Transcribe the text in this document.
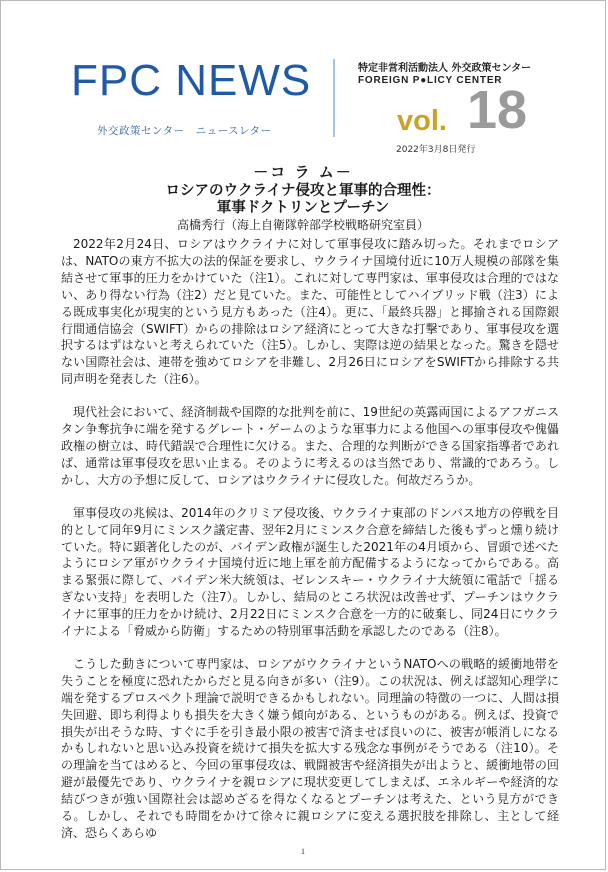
FPC NEWS
外交政策センター　ニュースレター
特定非営利活動法人 外交政策センター
FOREIGN P●LICY CENTER
vol. 18
2022年3月8日発行
－コ ラ ム－
ロシアのウクライナ侵攻と軍事的合理性：
軍事ドクトリンとプーチン
高橋秀行（海上自衛隊幹部学校戦略研究室員）

2022年2月24日、ロシアはウクライナに対して軍事侵攻に踏み切った。それまでロシアは、NATOの東方不拡大の法的保証を要求し、ウクライナ国境付近に10万人規模の部隊を集結させて軍事的圧力をかけていた（注1）。これに対して専門家は、軍事侵攻は合理的ではない、あり得ない行為（注2）だと見ていた。また、可能性としてハイブリッド戦（注3）による既成事実化が現実的という見方もあった（注4）。更に、「最終兵器」と揶揄される国際銀行間通信協会（SWIFT）からの排除はロシア経済にとって大きな打撃であり、軍事侵攻を選択するはずはないと考えられていた（注5）。しかし、実際は逆の結果となった。驚きを隠せない国際社会は、連帯を強めてロシアを非難し、2月26日にロシアをSWIFTから排除する共同声明を発表した（注6）。

現代社会において、経済制裁や国際的な批判を前に、19世紀の英露両国によるアフガニスタン争奪抗争に端を発するグレート・ゲームのような軍事力による他国への軍事侵攻や傀儡政権の樹立は、時代錯誤で合理性に欠ける。また、合理的な判断ができる国家指導者であれば、通常は軍事侵攻を思い止まる。そのように考えるのは当然であり、常識的であろう。しかし、大方の予想に反して、ロシアはウクライナに侵攻した。何故だろうか。

軍事侵攻の兆候は、2014年のクリミア侵攻後、ウクライナ東部のドンバス地方の停戦を目的として同年9月にミンスク議定書、翌年2月にミンスク合意を締結した後もずっと燻り続けていた。特に顕著化したのが、バイデン政権が誕生した2021年の4月頃から、冒頭で述べたようにロシア軍がウクライナ国境付近に地上軍を前方配備するようになってからである。高まる緊張に際して、バイデン米大統領は、ゼレンスキー・ウクライナ大統領に電話で「揺るぎない支持」を表明した（注7）。しかし、結局のところ状況は改善せず、プーチンはウクライナに軍事的圧力をかけ続け、2月22日にミンスク合意を一方的に破棄し、同24日にウクライナによる「脅威から防衛」するための特別軍事活動を承認したのである（注8）。

こうした動きについて専門家は、ロシアがウクライナというNATOへの戦略的緩衝地帯を失うことを極度に恐れたからだと見る向きが多い（注9）。この状況は、例えば認知心理学に端を発するプロスペクト理論で説明できるかもしれない。同理論の特徴の一つに、人間は損失回避、即ち利得よりも損失を大きく嫌う傾向がある、というものがある。例えば、投資で損失が出そうな時、すぐに手を引き最小限の被害で済ませば良いのに、被害が帳消しになるかもしれないと思い込み投資を続けて損失を拡大する残念な事例がそうである（注10）。その理論を当てはめると、今回の軍事侵攻は、戦闘被害や経済損失が出ようと、緩衝地帯の回避が最優先であり、ウクライナを親ロシアに現状変更してしまえば、エネルギーや経済的な結びつきが強い国際社会は認めざるを得なくなるとプーチンは考えた、という見方ができる。しかし、それでも時間をかけて徐々に親ロシアに変える選択肢を排除し、主として経済、恐らくあらゆ

1
